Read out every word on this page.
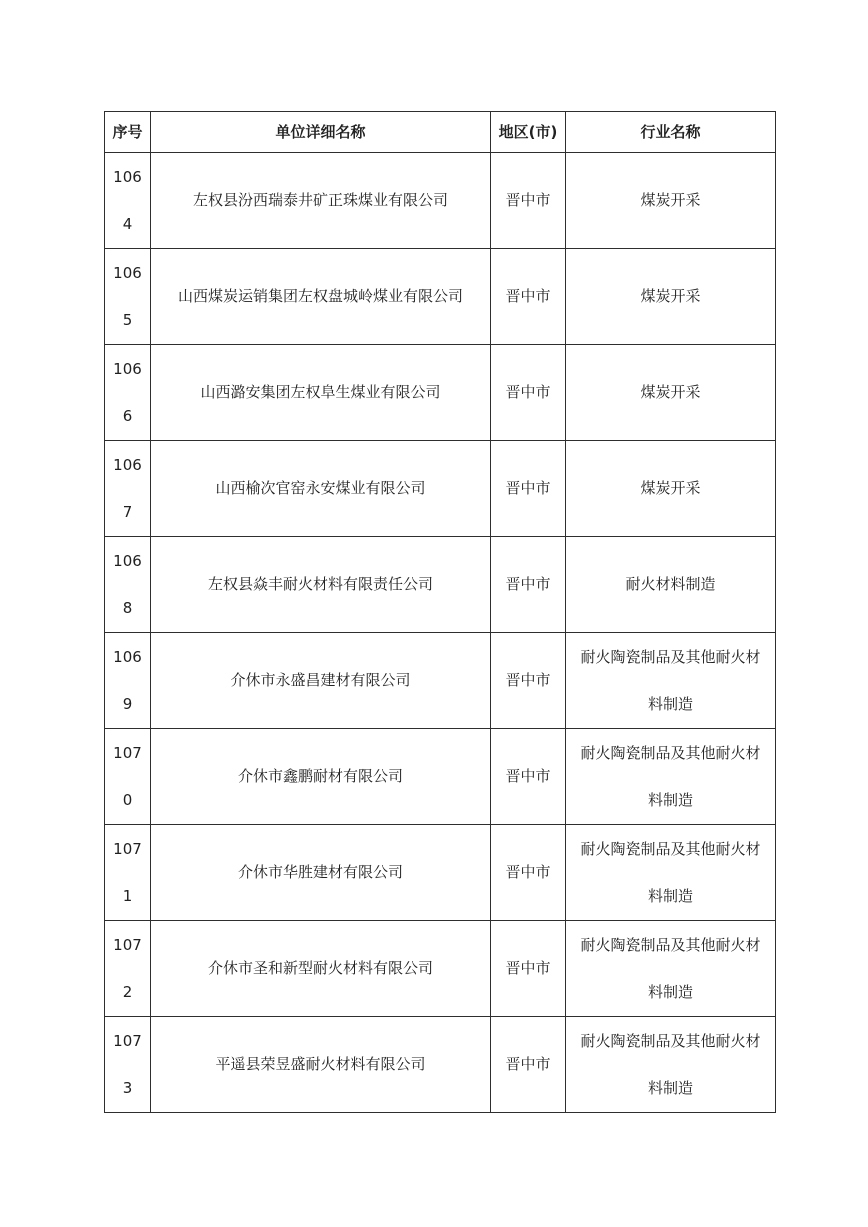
序号	单位详细名称	地区(市)	行业名称
1064	左权县汾西瑞泰井矿正珠煤业有限公司	晋中市	煤炭开采
1065	山西煤炭运销集团左权盘城岭煤业有限公司	晋中市	煤炭开采
1066	山西潞安集团左权阜生煤业有限公司	晋中市	煤炭开采
1067	山西榆次官窑永安煤业有限公司	晋中市	煤炭开采
1068	左权县焱丰耐火材料有限责任公司	晋中市	耐火材料制造
1069	介休市永盛昌建材有限公司	晋中市	耐火陶瓷制品及其他耐火材料制造
1070	介休市鑫鹏耐材有限公司	晋中市	耐火陶瓷制品及其他耐火材料制造
1071	介休市华胜建材有限公司	晋中市	耐火陶瓷制品及其他耐火材料制造
1072	介休市圣和新型耐火材料有限公司	晋中市	耐火陶瓷制品及其他耐火材料制造
1073	平遥县荣昱盛耐火材料有限公司	晋中市	耐火陶瓷制品及其他耐火材料制造
